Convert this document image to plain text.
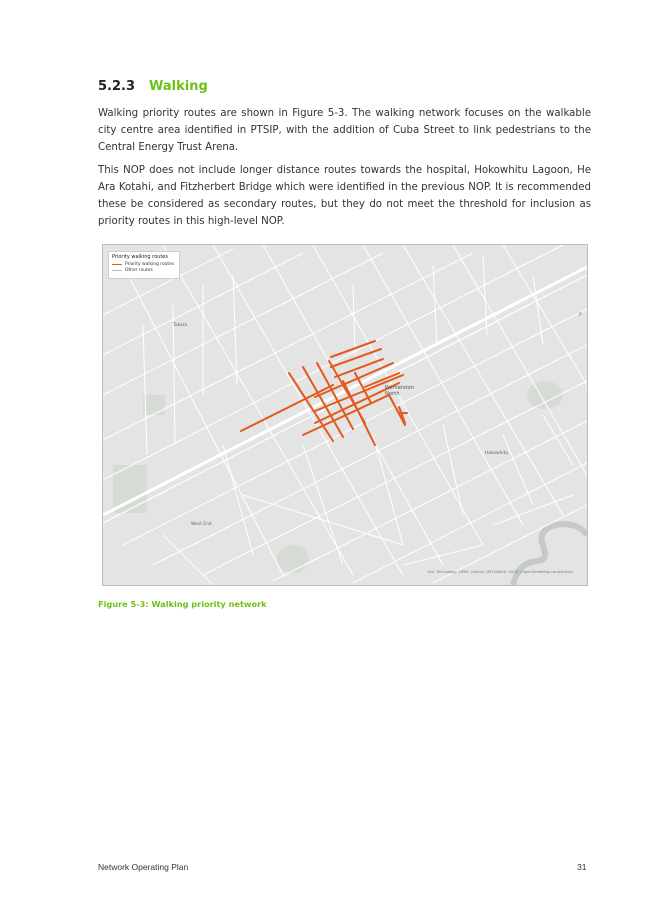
5.2.3 Walking

Walking priority routes are shown in Figure 5-3. The walking network focuses on the walkable city centre area identified in PTSIP, with the addition of Cuba Street to link pedestrians to the Central Energy Trust Arena.

This NOP does not include longer distance routes towards the hospital, Hokowhitu Lagoon, He Ara Kotahi, and Fitzherbert Bridge which were identified in the previous NOP. It is recommended these be considered as secondary routes, but they do not meet the threshold for inclusion as priority routes in this high-level NOP.

Priority walking routes
Priority walking routes
Other routes
Palmerston North
Takaro
Hokowhitu
West End
P
Esri, Technology, HERE, Garmin, METI/NASA, USGS | OpenStreetMap contributors
Figure 5-3: Walking priority network
Network Operating Plan	31
